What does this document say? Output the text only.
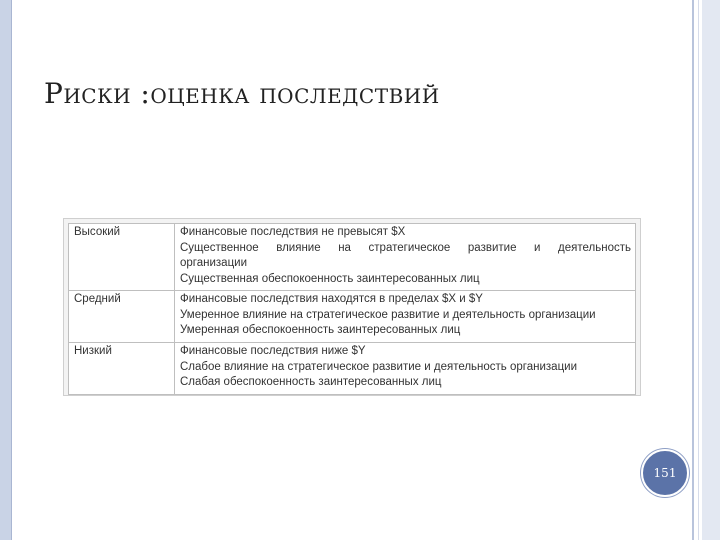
Риски :оценка последствий
Высокий	Финансовые последствия не превысят $X
Существенное влияние на стратегическое развитие и деятельность
организации
Существенная обеспокоенность заинтересованных лиц

Средний	Финансовые последствия находятся в пределах $X и $Y
Умеренное влияние на стратегическое развитие и деятельность организации
Умеренная обеспокоенность заинтересованных лиц

Низкий	Финансовые последствия ниже $Y
Слабое влияние на стратегическое развитие и деятельность организации
Слабая обеспокоенность заинтересованных лиц
151
